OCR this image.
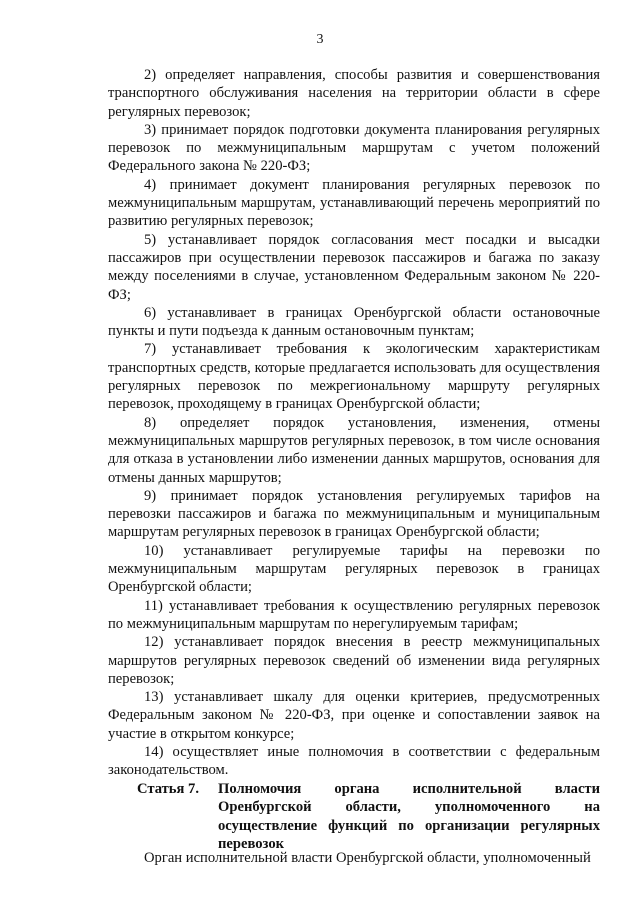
3

2) определяет направления, способы развития и совершенствования транспортного обслуживания населения на территории области в сфере регулярных перевозок;

3) принимает порядок подготовки документа планирования регулярных перевозок по межмуниципальным маршрутам с учетом положений Федерального закона № 220-ФЗ;

4) принимает документ планирования регулярных перевозок по межмуниципальным маршрутам, устанавливающий перечень мероприятий по развитию регулярных перевозок;

5) устанавливает порядок согласования мест посадки и высадки пассажиров при осуществлении перевозок пассажиров и багажа по заказу между поселениями в случае, установленном Федеральным законом № 220-ФЗ;

6) устанавливает в границах Оренбургской области остановочные пункты и пути подъезда к данным остановочным пунктам;

7) устанавливает требования к экологическим характеристикам транспортных средств, которые предлагается использовать для осуществления регулярных перевозок по межрегиональному маршруту регулярных перевозок, проходящему в границах Оренбургской области;

8) определяет порядок установления, изменения, отмены межмуниципальных маршрутов регулярных перевозок, в том числе основания для отказа в установлении либо изменении данных маршрутов, основания для отмены данных маршрутов;

9) принимает порядок установления регулируемых тарифов на перевозки пассажиров и багажа по межмуниципальным и муниципальным маршрутам регулярных перевозок в границах Оренбургской области;

10) устанавливает регулируемые тарифы на перевозки по межмуниципальным маршрутам регулярных перевозок в границах Оренбургской области;

11) устанавливает требования к осуществлению регулярных перевозок по межмуниципальным маршрутам по нерегулируемым тарифам;

12) устанавливает порядок внесения в реестр межмуниципальных маршрутов регулярных перевозок сведений об изменении вида регулярных перевозок;

13) устанавливает шкалу для оценки критериев, предусмотренных Федеральным законом № 220-ФЗ, при оценке и сопоставлении заявок на участие в открытом конкурсе;

14) осуществляет иные полномочия в соответствии с федеральным законодательством.

Статья 7.	Полномочия органа исполнительной власти Оренбургской области, уполномоченного на осуществление функций по организации регулярных перевозок

Орган исполнительной власти Оренбургской области, уполномоченный
